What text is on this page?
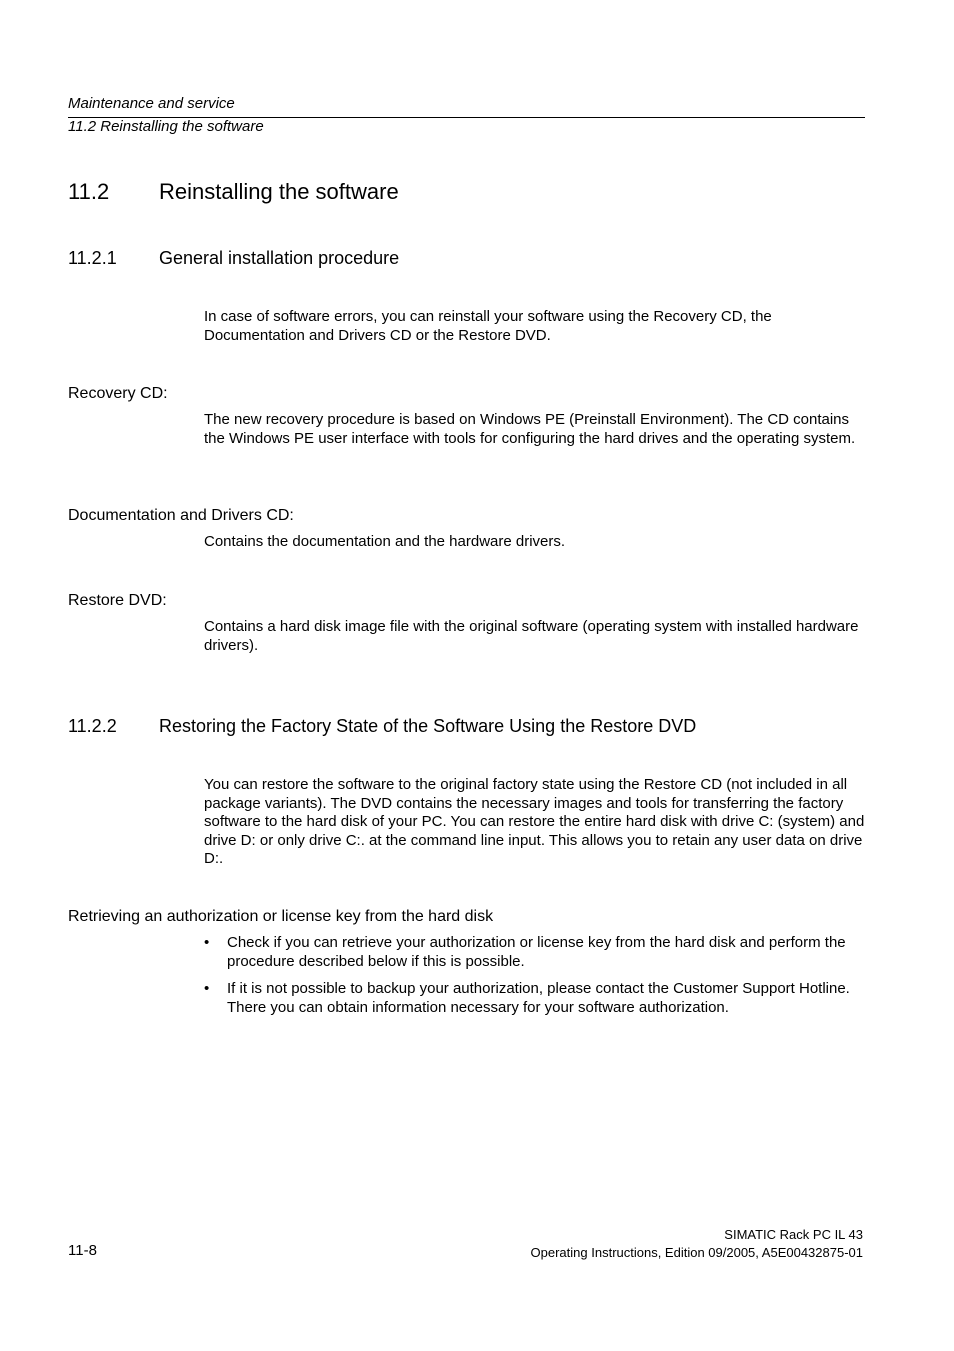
Maintenance and service
11.2 Reinstalling the software
11.2 Reinstalling the software
11.2.1 General installation procedure
In case of software errors, you can reinstall your software using the Recovery CD, the Documentation and Drivers CD or the Restore DVD.
Recovery CD:
The new recovery procedure is based on Windows PE (Preinstall Environment). The CD contains the Windows PE user interface with tools for configuring the hard drives and the operating system.
Documentation and Drivers CD:
Contains the documentation and the hardware drivers.
Restore DVD:
Contains a hard disk image file with the original software (operating system with installed hardware drivers).
11.2.2 Restoring the Factory State of the Software Using the Restore DVD
You can restore the software to the original factory state using the Restore CD (not included in all package variants). The DVD contains the necessary images and tools for transferring the factory software to the hard disk of your PC. You can restore the entire hard disk with drive C: (system) and drive D: or only drive C:. at the command line input. This allows you to retain any user data on drive D:.
Retrieving an authorization or license key from the hard disk
• Check if you can retrieve your authorization or license key from the hard disk and perform the procedure described below if this is possible.
• If it is not possible to backup your authorization, please contact the Customer Support Hotline. There you can obtain information necessary for your software authorization.
11-8
SIMATIC Rack PC IL 43
Operating Instructions, Edition 09/2005, A5E00432875-01
